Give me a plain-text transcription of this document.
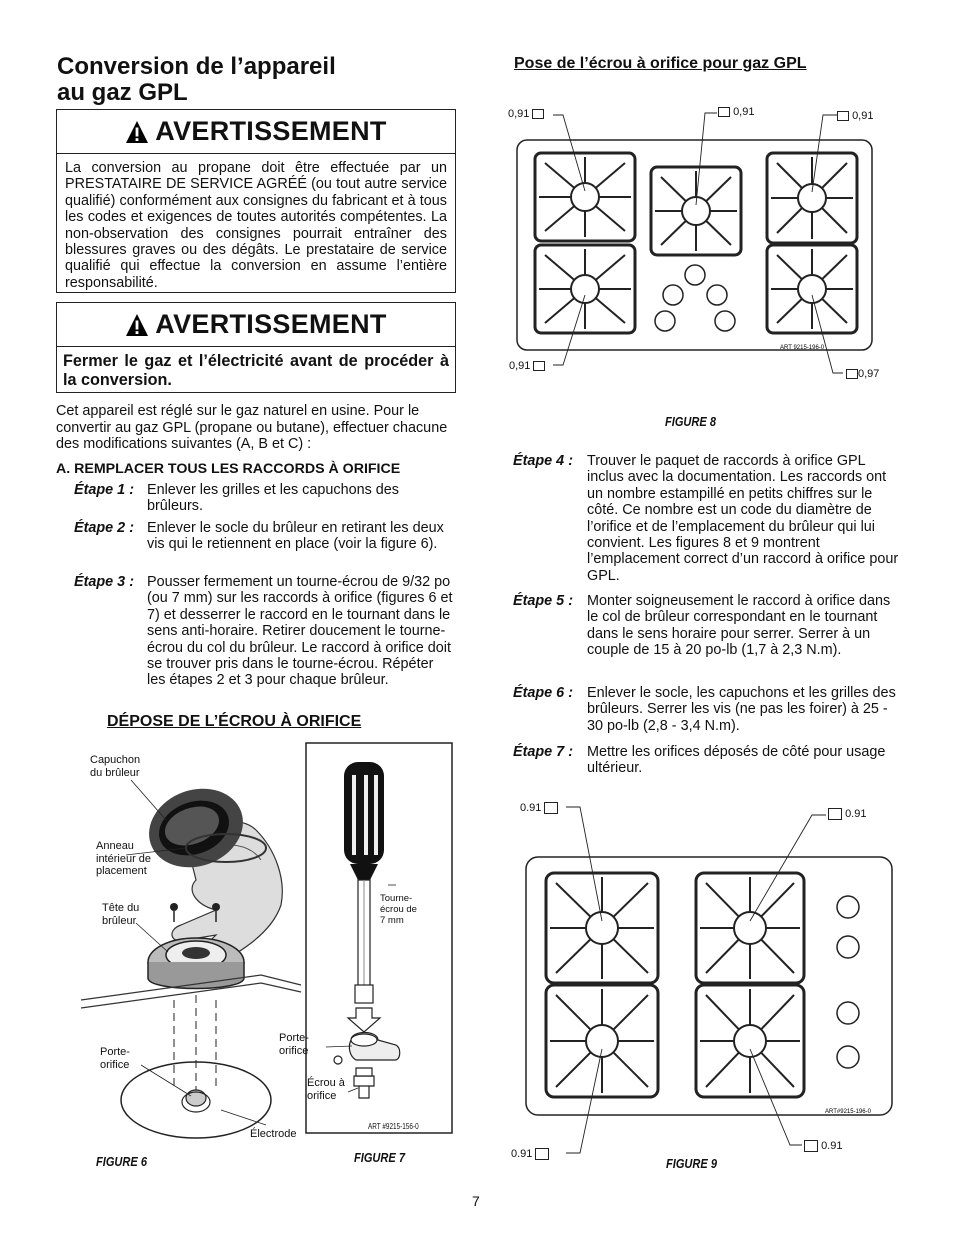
Conversion de l’appareil
au gaz GPL
AVERTISSEMENT
La conversion au propane doit être effectuée par un PRESTATAIRE DE SERVICE AGRÉÉ (ou tout autre service qualifié) conformément aux consignes du fabricant et à tous les codes et exigences de toutes autorités compétentes. La non-observation des consignes pourrait entraîner des blessures graves ou des dégâts. Le prestataire de service qualifié qui effectue la conversion en assume l’entière responsabilité.
AVERTISSEMENT
Fermer le gaz et l’électricité avant de procéder à la conversion.
Cet appareil est réglé sur le gaz naturel en usine. Pour le convertir au gaz GPL (propane ou butane), effectuer chacune des modifications suivantes (A, B et C) :
A. REMPLACER TOUS LES RACCORDS À ORIFICE
Étape 1 : Enlever les grilles et les capuchons des brûleurs.
Étape 2 : Enlever le socle du brûleur en retirant les deux vis qui le retiennent en place (voir la figure 6).
Étape 3 : Pousser fermement un tourne-écrou de 9/32 po (ou 7 mm) sur les raccords à orifice (figures 6 et 7) et desserrer le raccord en le tournant dans le sens anti-horaire. Retirer doucement le tourne-écrou du col du brûleur. Le raccord à orifice doit se trouver pris dans le tourne-écrou. Répéter les étapes 2 et 3 pour chaque brûleur.
DÉPOSE DE L’ÉCROU À ORIFICE
Capuchon
du brûleur
Anneau
intérieur de
placement
Tête du
brûleur
Porte-
orifice
Électrode
FIGURE 6
Tourne-
écrou de
7 mm
Porte-
orifice
Écrou à
orifice
ART #9215-156-0
FIGURE 7
Pose de l’écrou à orifice pour gaz GPL
ART 9215-196-0
0,91	0,91	0,91
0,91
0,97
FIGURE 8
Étape 4 : Trouver le paquet de raccords à orifice GPL inclus avec la documentation. Les raccords ont un nombre estampillé en petits chiffres sur le côté. Ce nombre est un code du diamètre de l’orifice et de l’emplacement du brûleur qui lui convient. Les figures 8 et 9 montrent l’emplacement correct d’un raccord à orifice pour GPL.
Étape 5 : Monter soigneusement le raccord à orifice dans le col de brûleur correspondant en le tournant dans le sens horaire pour serrer. Serrer à un couple de 15 à 20 po-lb (1,7 à 2,3 N.m).
Étape 6 : Enlever le socle, les capuchons et les grilles des brûleurs. Serrer les vis (ne pas les foirer) à 25 - 30 po-lb (2,8 - 3,4 N.m).
Étape 7 : Mettre les orifices déposés de côté pour usage ultérieur.
ART#9215-196-0
0.91	0.91
0.91
0.91
FIGURE 9
7
